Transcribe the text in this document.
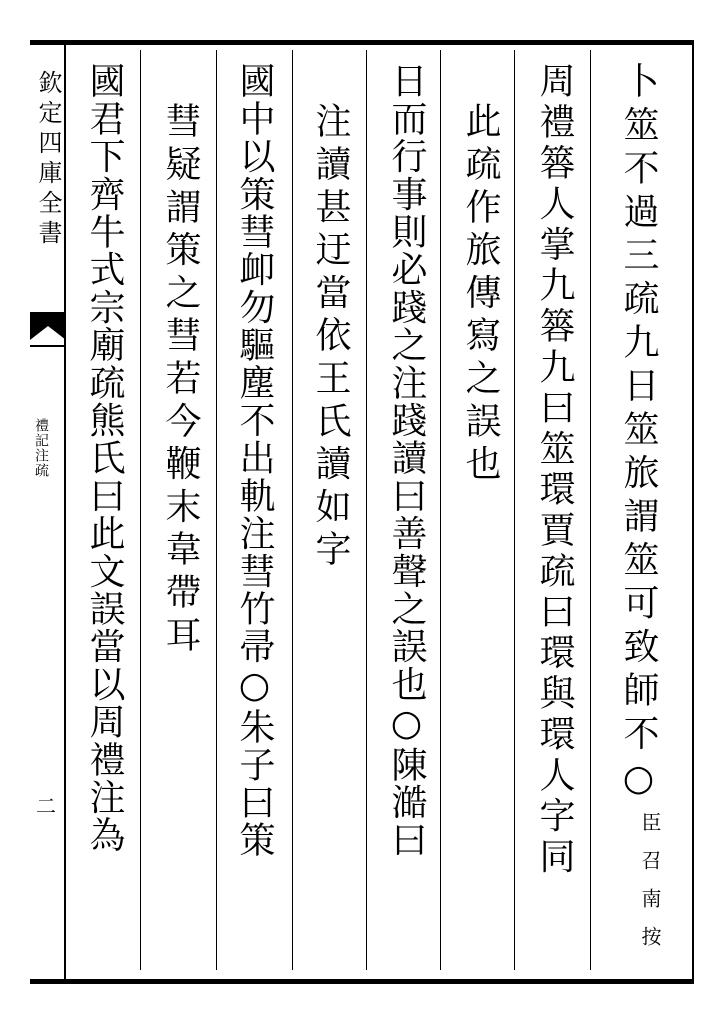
欽定四庫全書
禮記注疏
二	卜筮不過三疏九日筮旅謂筮可致師不○
臣召南按
周禮簭人掌九簭九曰筮環賈疏曰環與環人字同
此疏作旅傳寫之誤也
日而行事則必踐之注踐讀曰善聲之誤也○陳澔曰
注讀甚迂當依王氏讀如字
國中以策彗卹勿驅塵不出軌注彗竹帚○朱子曰策
彗疑謂策之彗若今鞭末韋帶耳
國君下齊牛式宗廟疏熊氏曰此文誤當以周禮注為
